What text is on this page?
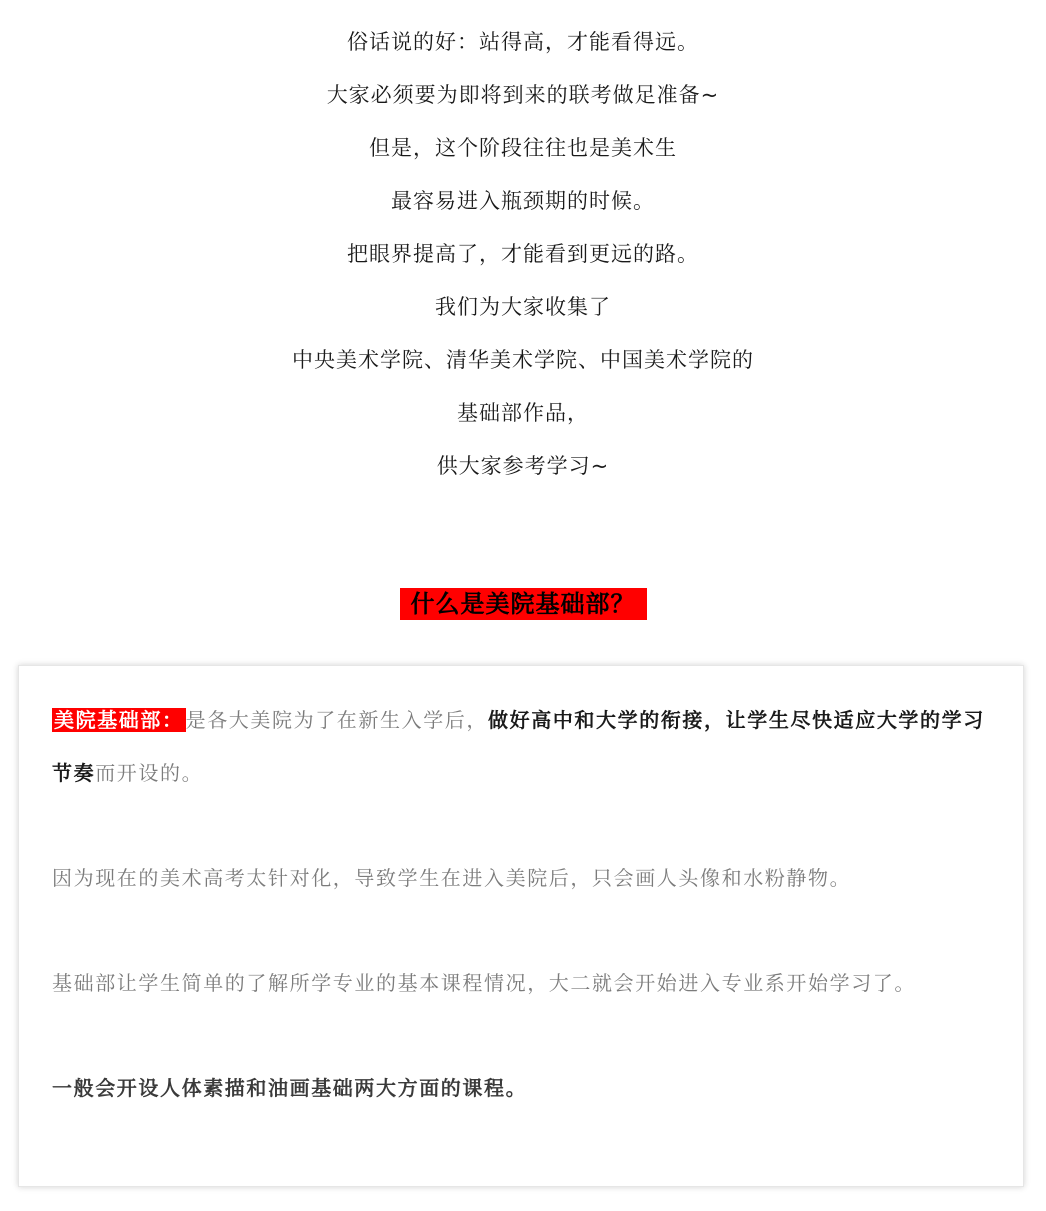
俗话说的好：站得高，才能看得远。
大家必须要为即将到来的联考做足准备~
但是，这个阶段往往也是美术生
最容易进入瓶颈期的时候。
把眼界提高了，才能看到更远的路。
我们为大家收集了
中央美术学院、清华美术学院、中国美术学院的
基础部作品，
供大家参考学习~
什么是美院基础部？

美院基础部： 是各大美院为了在新生入学后，做好高中和大学的衔接，让学生尽快适应大学的学习节奏而开设的。

因为现在的美术高考太针对化，导致学生在进入美院后，只会画人头像和水粉静物。

基础部让学生简单的了解所学专业的基本课程情况，大二就会开始进入专业系开始学习了。

一般会开设人体素描和油画基础两大方面的课程。
